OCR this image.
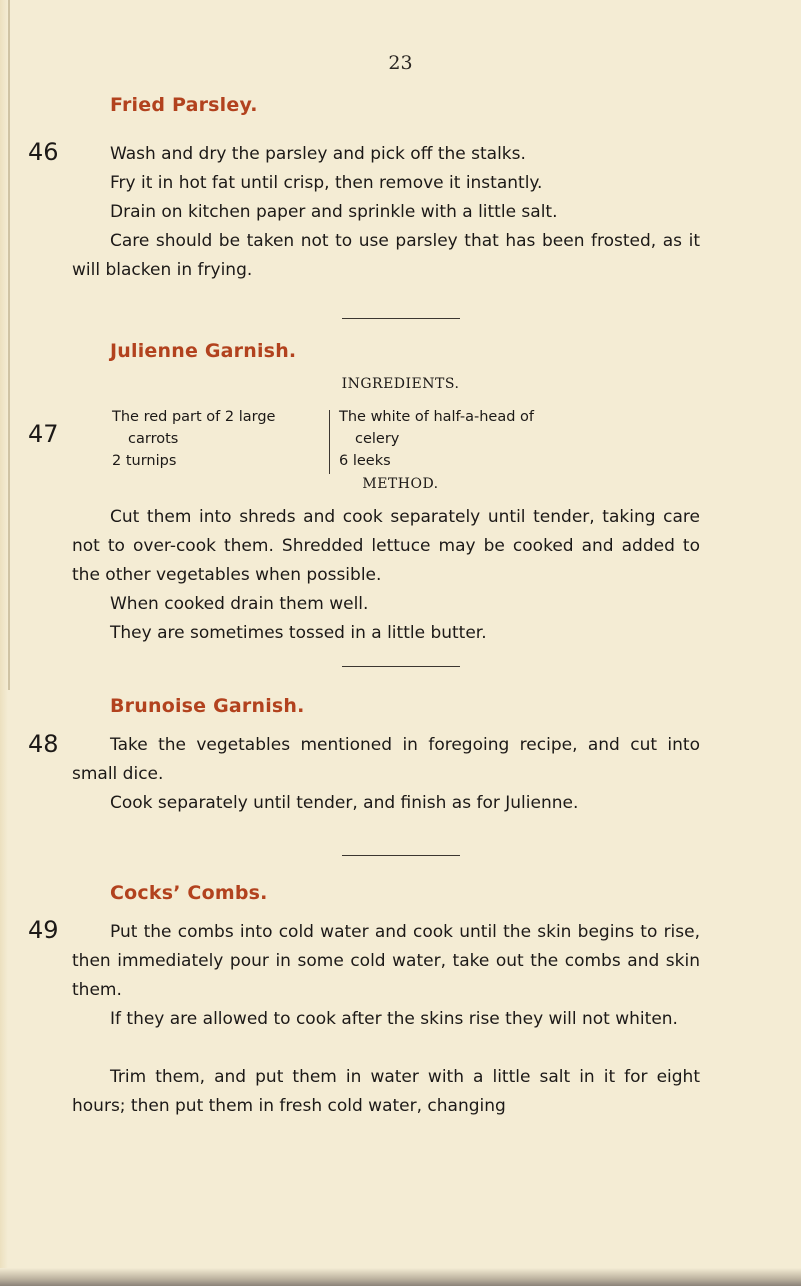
23
Fried Parsley.
46	Wash and dry the parsley and pick off the stalks.
Fry it in hot fat until crisp, then remove it instantly.
Drain on kitchen paper and sprinkle with a little salt.
Care should be taken not to use parsley that has been frosted, as it will blacken in frying.
Julienne Garnish.
INGREDIENTS.
47
The red part of 2 large
carrots
2 turnips
The white of half-a-head of
celery
6 leeks
METHOD.
Cut them into shreds and cook separately until tender, taking care not to over-cook them. Shredded lettuce may be cooked and added to the other vegetables when possible.
When cooked drain them well.
They are sometimes tossed in a little butter.
Brunoise Garnish.
48	Take the vegetables mentioned in foregoing recipe, and cut into small dice.
Cook separately until tender, and finish as for Julienne.
Cocks’ Combs.
49	Put the combs into cold water and cook until the skin begins to rise, then immediately pour in some cold water, take out the combs and skin them.
If they are allowed to cook after the skins rise they will not whiten.
Trim them, and put them in water with a little salt in it for eight hours; then put them in fresh cold water, changing
